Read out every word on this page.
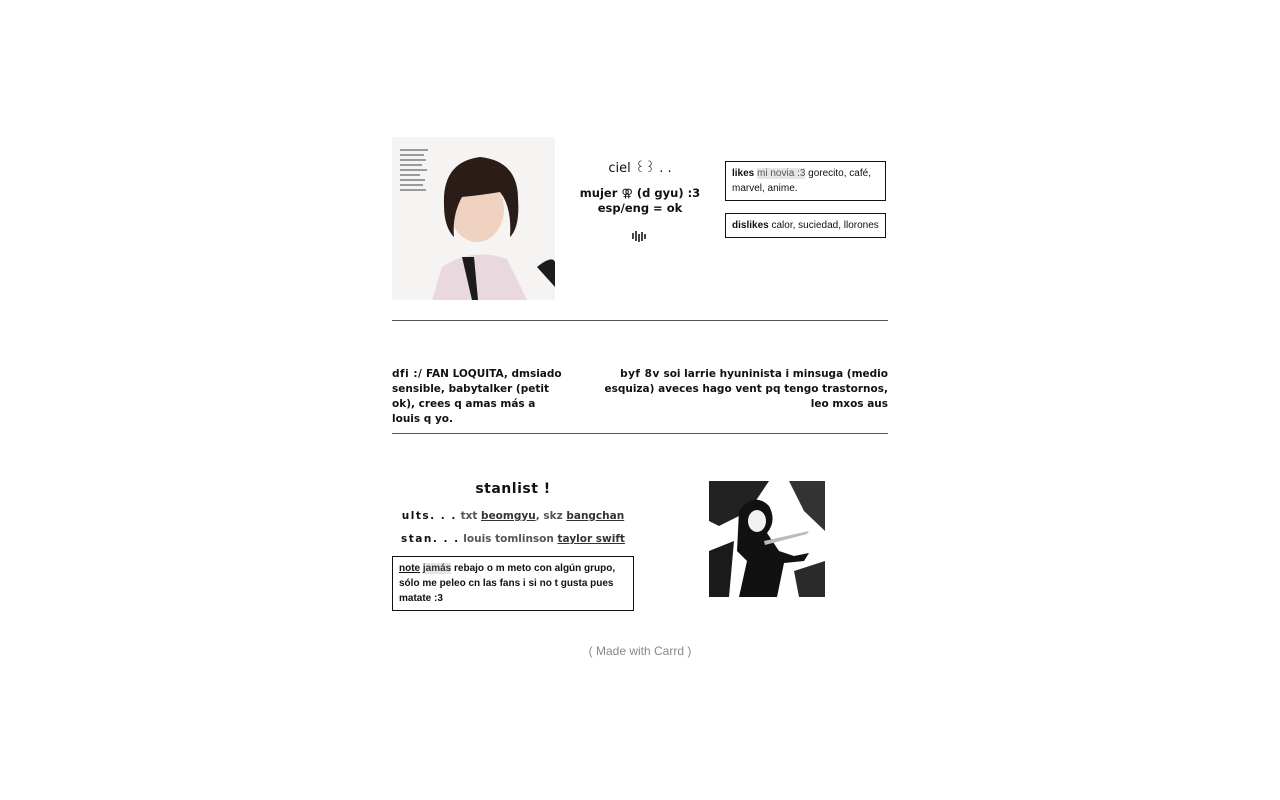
ciel ꒰꒱ . .
mujer ⚢ (d gyu) :3
esp/eng = ok
likes mi novia :3 gorecito, café, marvel, anime.
dislikes calor, suciedad, llorones
dfi :/ FAN LOQUITA, dmsiado sensible, babytalker (petit ok), crees q amas más a louis q yo.
byf 8v soi larrie hyuninista i minsuga (medio esquiza) aveces hago vent pq tengo trastornos, leo mxos aus
stanlist !
ults. . . txt beomgyu, skz bangchan
stan. . . louis tomlinson taylor swift
note jamás rebajo o m meto con algún grupo, sólo me peleo cn las fans i si no t gusta pues matate :3
( Made with Carrd )
